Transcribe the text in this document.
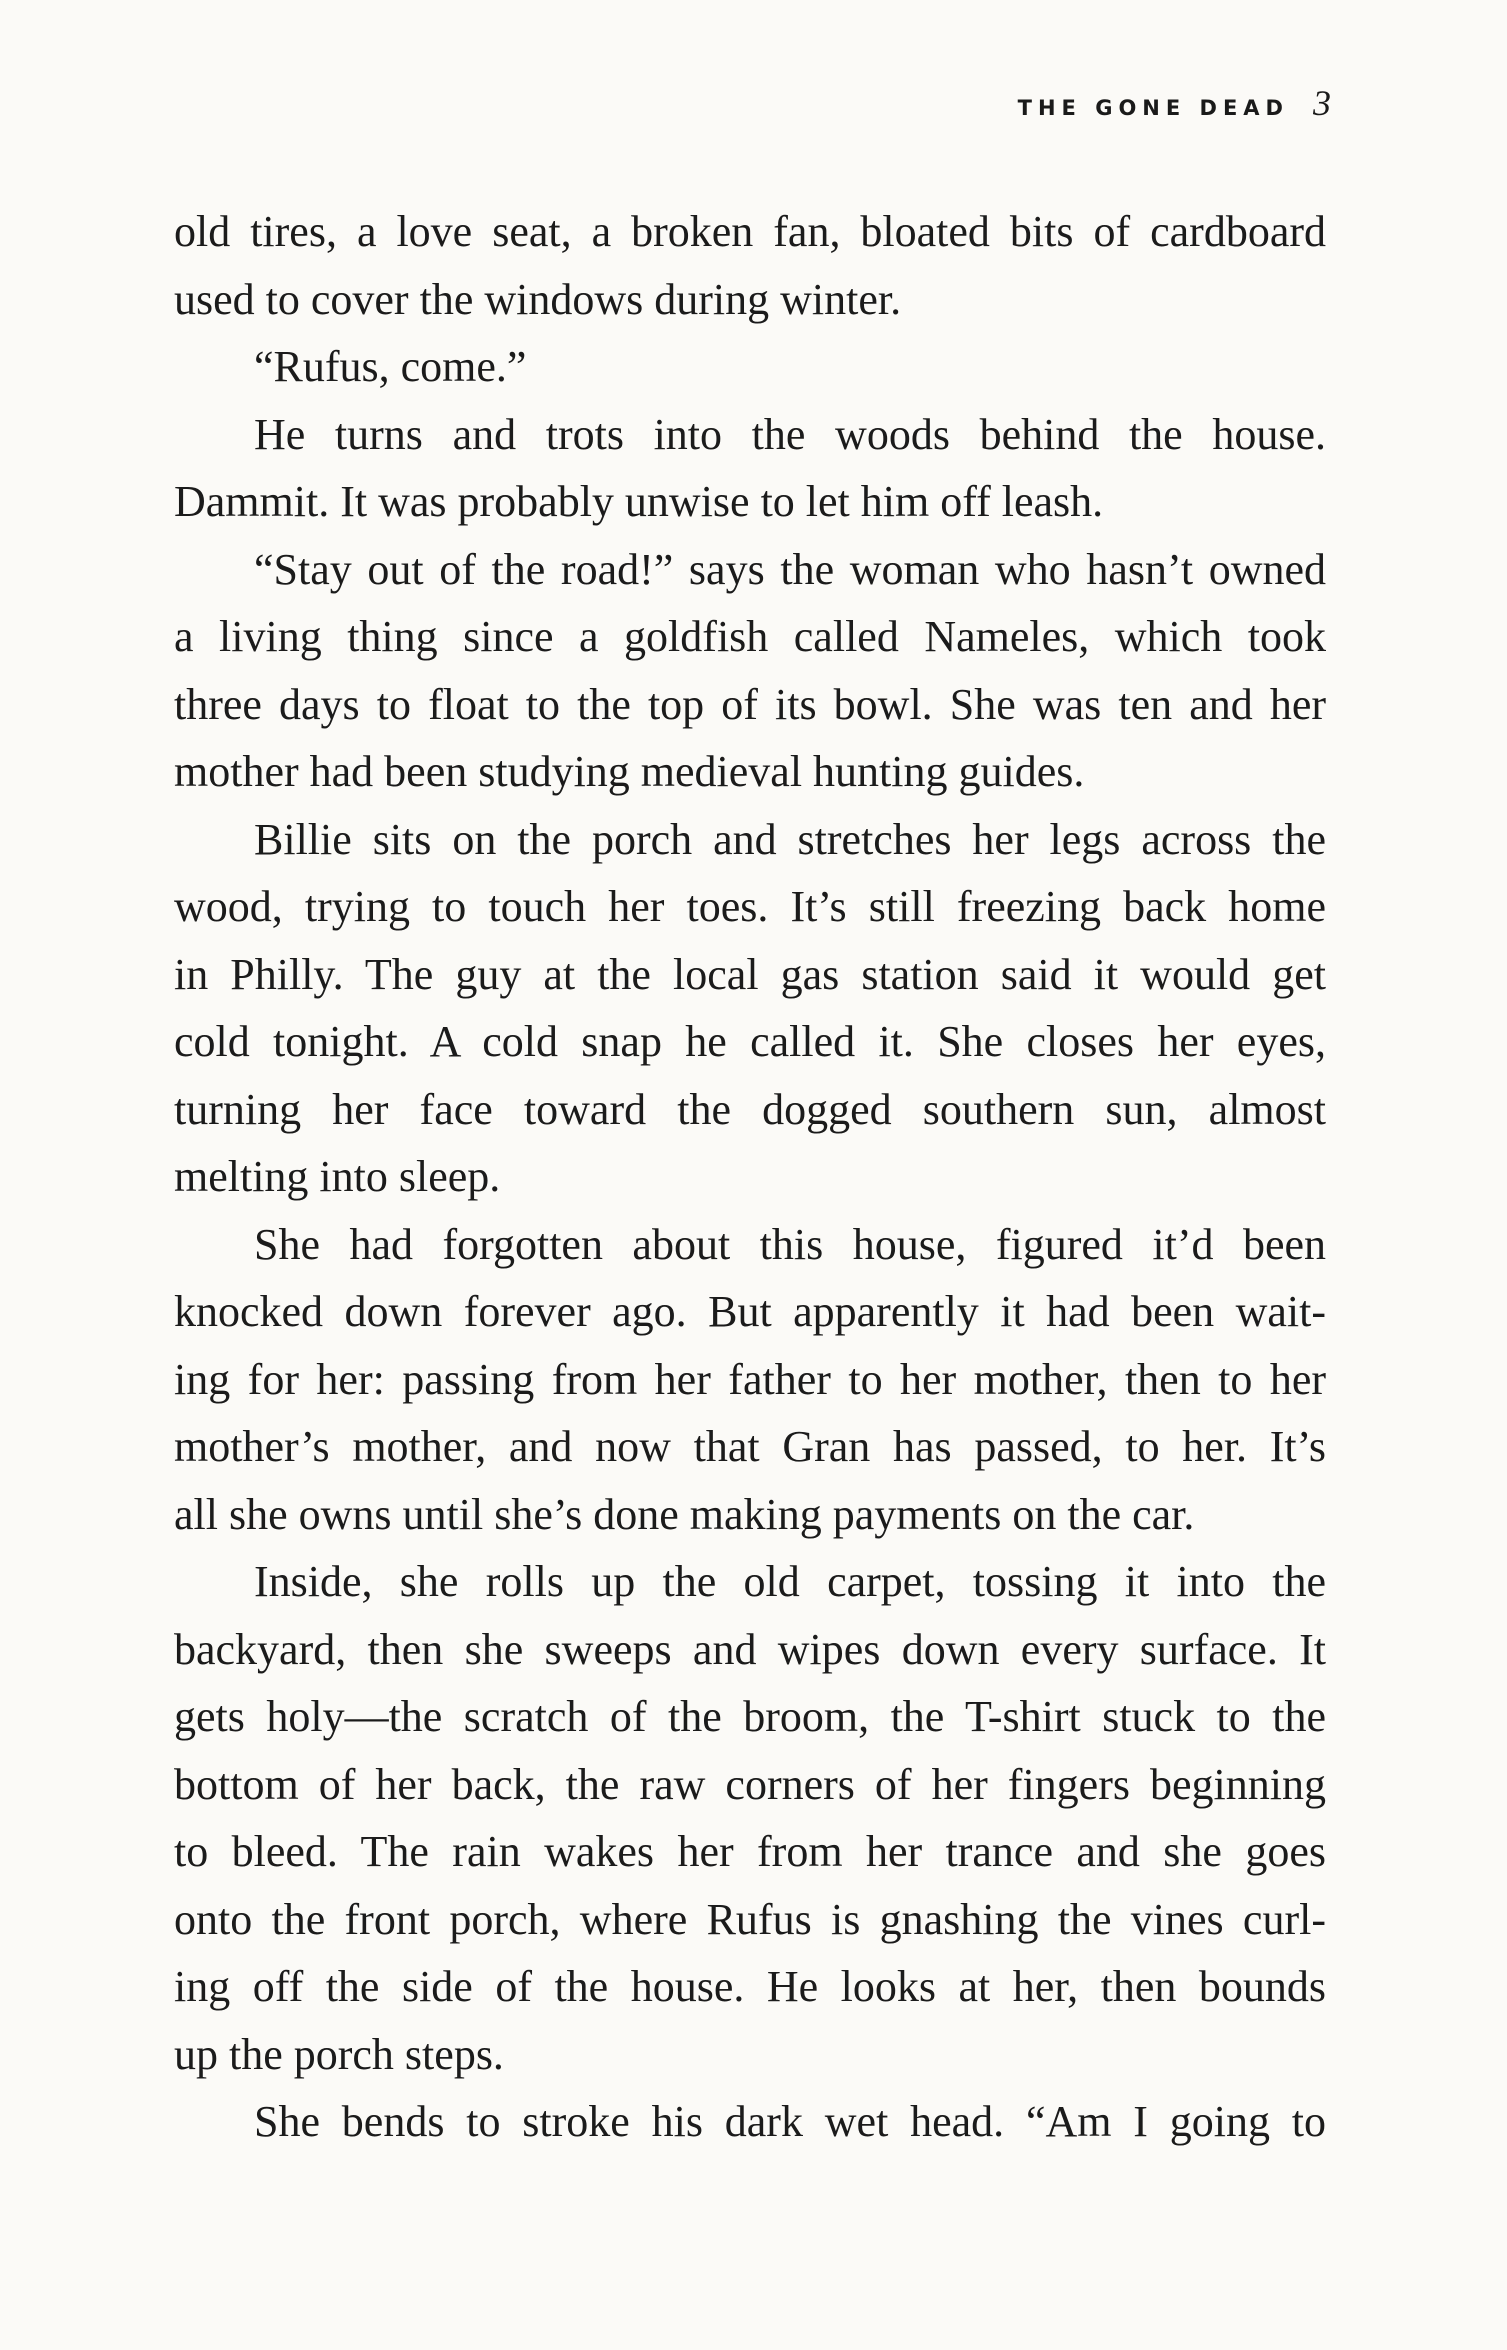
THE GONE DEAD 3
old tires, a love seat, a broken fan, bloated bits of cardboard
used to cover the windows during winter.
“Rufus, come.”
He turns and trots into the woods behind the house.
Dammit. It was probably unwise to let him off leash.
“Stay out of the road!” says the woman who hasn’t owned
a living thing since a goldfish called Nameles, which took
three days to float to the top of its bowl. She was ten and her
mother had been studying medieval hunting guides.
Billie sits on the porch and stretches her legs across the
wood, trying to touch her toes. It’s still freezing back home
in Philly. The guy at the local gas station said it would get
cold tonight. A cold snap he called it. She closes her eyes,
turning her face toward the dogged southern sun, almost
melting into sleep.
She had forgotten about this house, figured it’d been
knocked down forever ago. But apparently it had been wait-
ing for her: passing from her father to her mother, then to her
mother’s mother, and now that Gran has passed, to her. It’s
all she owns until she’s done making payments on the car.
Inside, she rolls up the old carpet, tossing it into the
backyard, then she sweeps and wipes down every surface. It
gets holy—the scratch of the broom, the T-shirt stuck to the
bottom of her back, the raw corners of her fingers beginning
to bleed. The rain wakes her from her trance and she goes
onto the front porch, where Rufus is gnashing the vines curl-
ing off the side of the house. He looks at her, then bounds
up the porch steps.
She bends to stroke his dark wet head. “Am I going to
